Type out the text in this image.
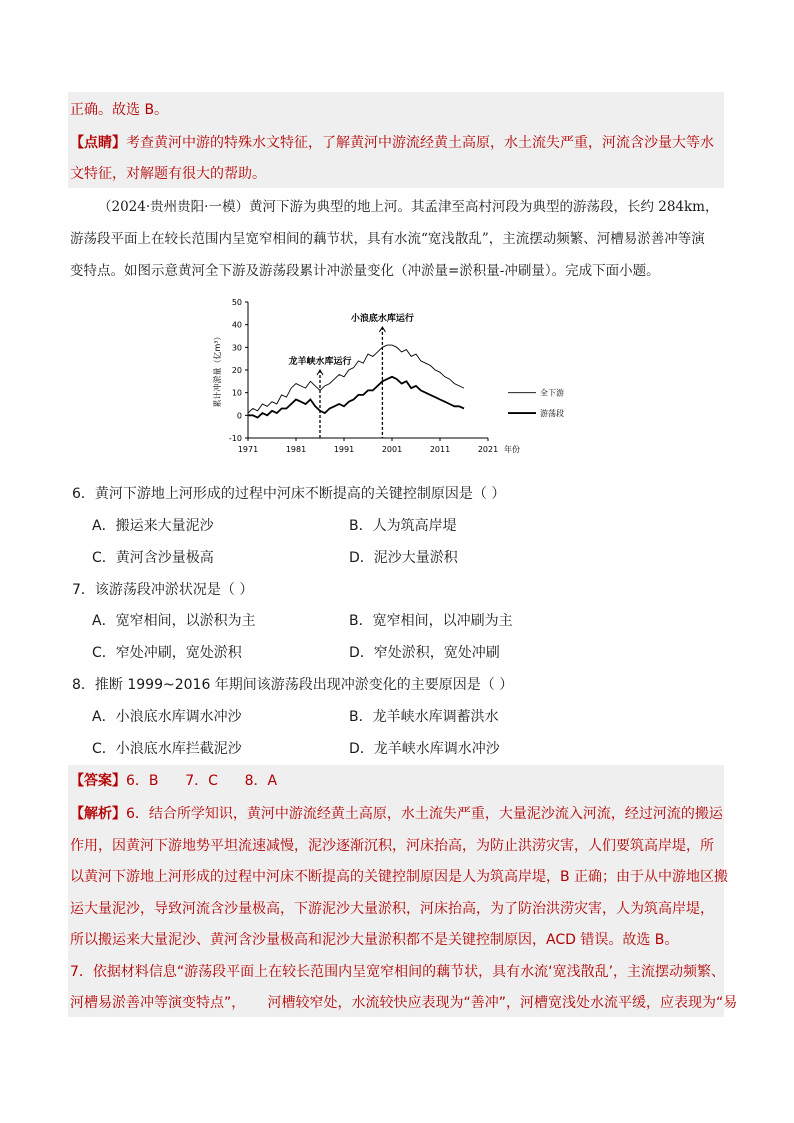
正确。故选 B。
【点睛】考查黄河中游的特殊水文特征，了解黄河中游流经黄土高原，水土流失严重，河流含沙量大等水
文特征，对解题有很大的帮助。
（2024·贵州贵阳·一模）黄河下游为典型的地上河。其孟津至高村河段为典型的游荡段，长约 284km，
游荡段平面上在较长范围内呈宽窄相间的藕节状，具有水流“宽浅散乱”，主流摆动频繁、河槽易淤善冲等演
变特点。如图示意黄河全下游及游荡段累计冲淤量变化（冲淤量=淤积量-冲刷量）。完成下面小题。
50
40
30
20
10
0
-10
1971	1981	1991	2001	2011	2021 年份
累计冲淤量（亿m³）	龙羊峡水库运行
小浪底水库运行
全下游
游荡段
6．黄河下游地上河形成的过程中河床不断提高的关键控制原因是（ ）
A．搬运来大量泥沙	B．人为筑高岸堤
C．黄河含沙量极高	D．泥沙大量淤积
7．该游荡段冲淤状况是（ ）
A．宽窄相间，以淤积为主	B．宽窄相间，以冲刷为主
C．窄处冲刷，宽处淤积	D．窄处淤积，宽处冲刷
8．推断 1999~2016 年期间该游荡段出现冲淤变化的主要原因是（ ）
A．小浪底水库调水冲沙	B．龙羊峡水库调蓄洪水
C．小浪底水库拦截泥沙	D．龙羊峡水库调水冲沙
【答案】6．B      7．C      8．A
【解析】6．结合所学知识，黄河中游流经黄土高原，水土流失严重，大量泥沙流入河流，经过河流的搬运
作用，因黄河下游地势平坦流速减慢，泥沙逐渐沉积，河床抬高，为防止洪涝灾害，人们要筑高岸堤，所
以黄河下游地上河形成的过程中河床不断提高的关键控制原因是人为筑高岸堤，B 正确；由于从中游地区搬
运大量泥沙，导致河流含沙量极高，下游泥沙大量淤积，河床抬高，为了防治洪涝灾害，人为筑高岸堤，
所以搬运来大量泥沙、黄河含沙量极高和泥沙大量淤积都不是关键控制原因，ACD 错误。故选 B。
7．依据材料信息“游荡段平面上在较长范围内呈宽窄相间的藕节状，具有水流‘宽浅散乱’，主流摆动频繁、
河槽易淤善冲等演变特点”，     河槽较窄处，水流较快应表现为“善冲”，河槽宽浅处水流平缓，应表现为“易
